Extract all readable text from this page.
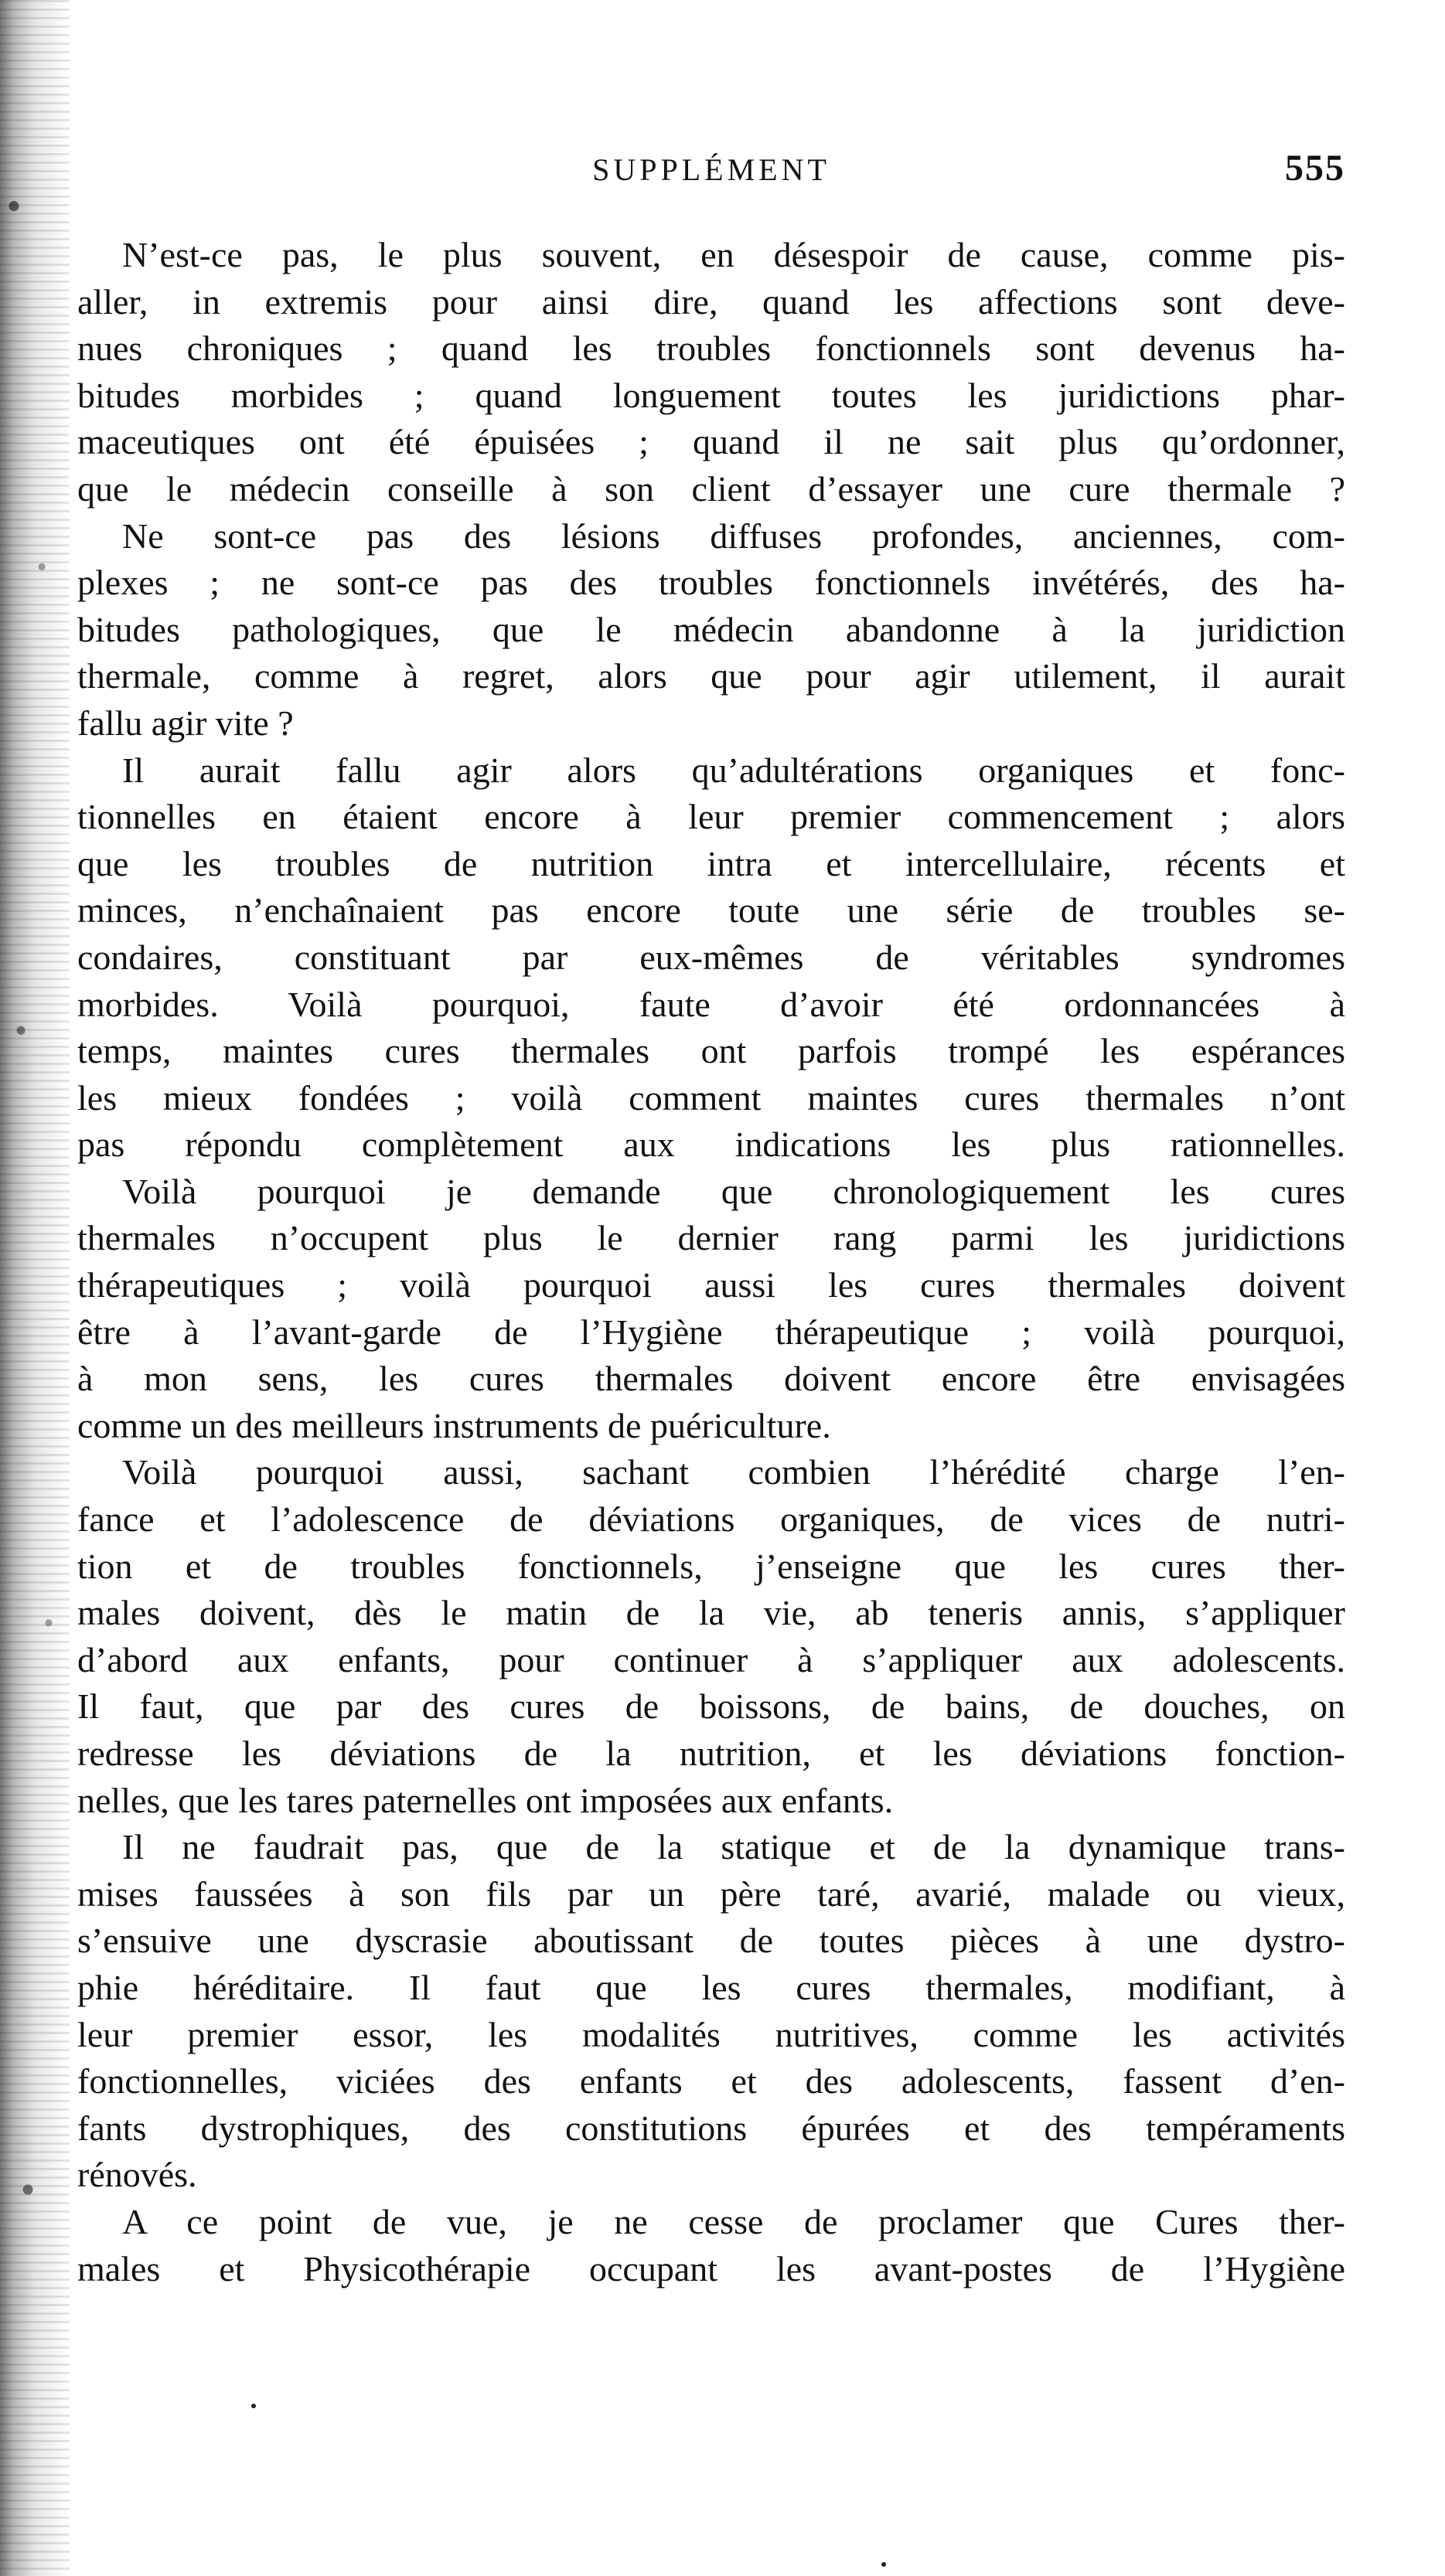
SUPPLÉMENT	555
N’est-ce pas, le plus souvent, en désespoir de cause, comme pis-
aller, in extremis pour ainsi dire, quand les affections sont deve-
nues chroniques ; quand les troubles fonctionnels sont devenus ha-
bitudes morbides ; quand longuement toutes les juridictions phar-
maceutiques ont été épuisées ; quand il ne sait plus qu’ordonner,
que le médecin conseille à son client d’essayer une cure thermale ?
Ne sont-ce pas des lésions diffuses profondes, anciennes, com-
plexes ; ne sont-ce pas des troubles fonctionnels invétérés, des ha-
bitudes pathologiques, que le médecin abandonne à la juridiction
thermale, comme à regret, alors que pour agir utilement, il aurait
fallu agir vite ?
Il aurait fallu agir alors qu’adultérations organiques et fonc-
tionnelles en étaient encore à leur premier commencement ; alors
que les troubles de nutrition intra et intercellulaire, récents et
minces, n’enchaînaient pas encore toute une série de troubles se-
condaires, constituant par eux-mêmes de véritables syndromes
morbides. Voilà pourquoi, faute d’avoir été ordonnancées à
temps, maintes cures thermales ont parfois trompé les espérances
les mieux fondées ; voilà comment maintes cures thermales n’ont
pas répondu complètement aux indications les plus rationnelles.
Voilà pourquoi je demande que chronologiquement les cures
thermales n’occupent plus le dernier rang parmi les juridictions
thérapeutiques ; voilà pourquoi aussi les cures thermales doivent
être à l’avant-garde de l’Hygiène thérapeutique ; voilà pourquoi,
à mon sens, les cures thermales doivent encore être envisagées
comme un des meilleurs instruments de puériculture.
Voilà pourquoi aussi, sachant combien l’hérédité charge l’en-
fance et l’adolescence de déviations organiques, de vices de nutri-
tion et de troubles fonctionnels, j’enseigne que les cures ther-
males doivent, dès le matin de la vie, ab teneris annis, s’appliquer
d’abord aux enfants, pour continuer à s’appliquer aux adolescents.
Il faut, que par des cures de boissons, de bains, de douches, on
redresse les déviations de la nutrition, et les déviations fonction-
nelles, que les tares paternelles ont imposées aux enfants.
Il ne faudrait pas, que de la statique et de la dynamique trans-
mises faussées à son fils par un père taré, avarié, malade ou vieux,
s’ensuive une dyscrasie aboutissant de toutes pièces à une dystro-
phie héréditaire. Il faut que les cures thermales, modifiant, à
leur premier essor, les modalités nutritives, comme les activités
fonctionnelles, viciées des enfants et des adolescents, fassent d’en-
fants dystrophiques, des constitutions épurées et des tempéraments
rénovés.
A ce point de vue, je ne cesse de proclamer que Cures ther-
males et Physicothérapie occupant les avant-postes de l’Hygiène
